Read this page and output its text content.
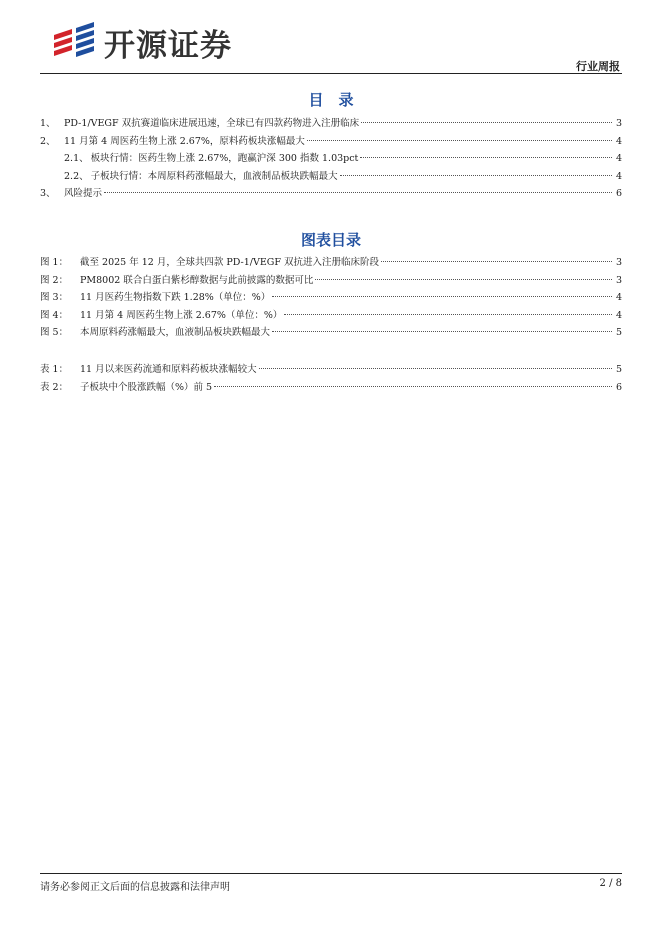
开源证券
行业周报
目　录
1、 PD-1/VEGF 双抗赛道临床进展迅速，全球已有四款药物进入注册临床	3
2、 11 月第 4 周医药生物上涨 2.67%，原料药板块涨幅最大	4
2.1、 板块行情：医药生物上涨 2.67%，跑赢沪深 300 指数 1.03pct	4
2.2、 子板块行情：本周原料药涨幅最大，血液制品板块跌幅最大	4
3、 风险提示	6
图表目录
图 1：	截至 2025 年 12 月，全球共四款 PD-1/VEGF 双抗进入注册临床阶段	3
图 2：	PM8002 联合白蛋白紫杉醇数据与此前披露的数据可比	3
图 3：	11 月医药生物指数下跌 1.28%（单位：%）	4
图 4：	11 月第 4 周医药生物上涨 2.67%（单位：%）	4
图 5：	本周原料药涨幅最大，血液制品板块跌幅最大	5
表 1：	11 月以来医药流通和原料药板块涨幅较大	5
表 2：	子板块中个股涨跌幅（%）前 5	6
请务必参阅正文后面的信息披露和法律声明	2 / 8
